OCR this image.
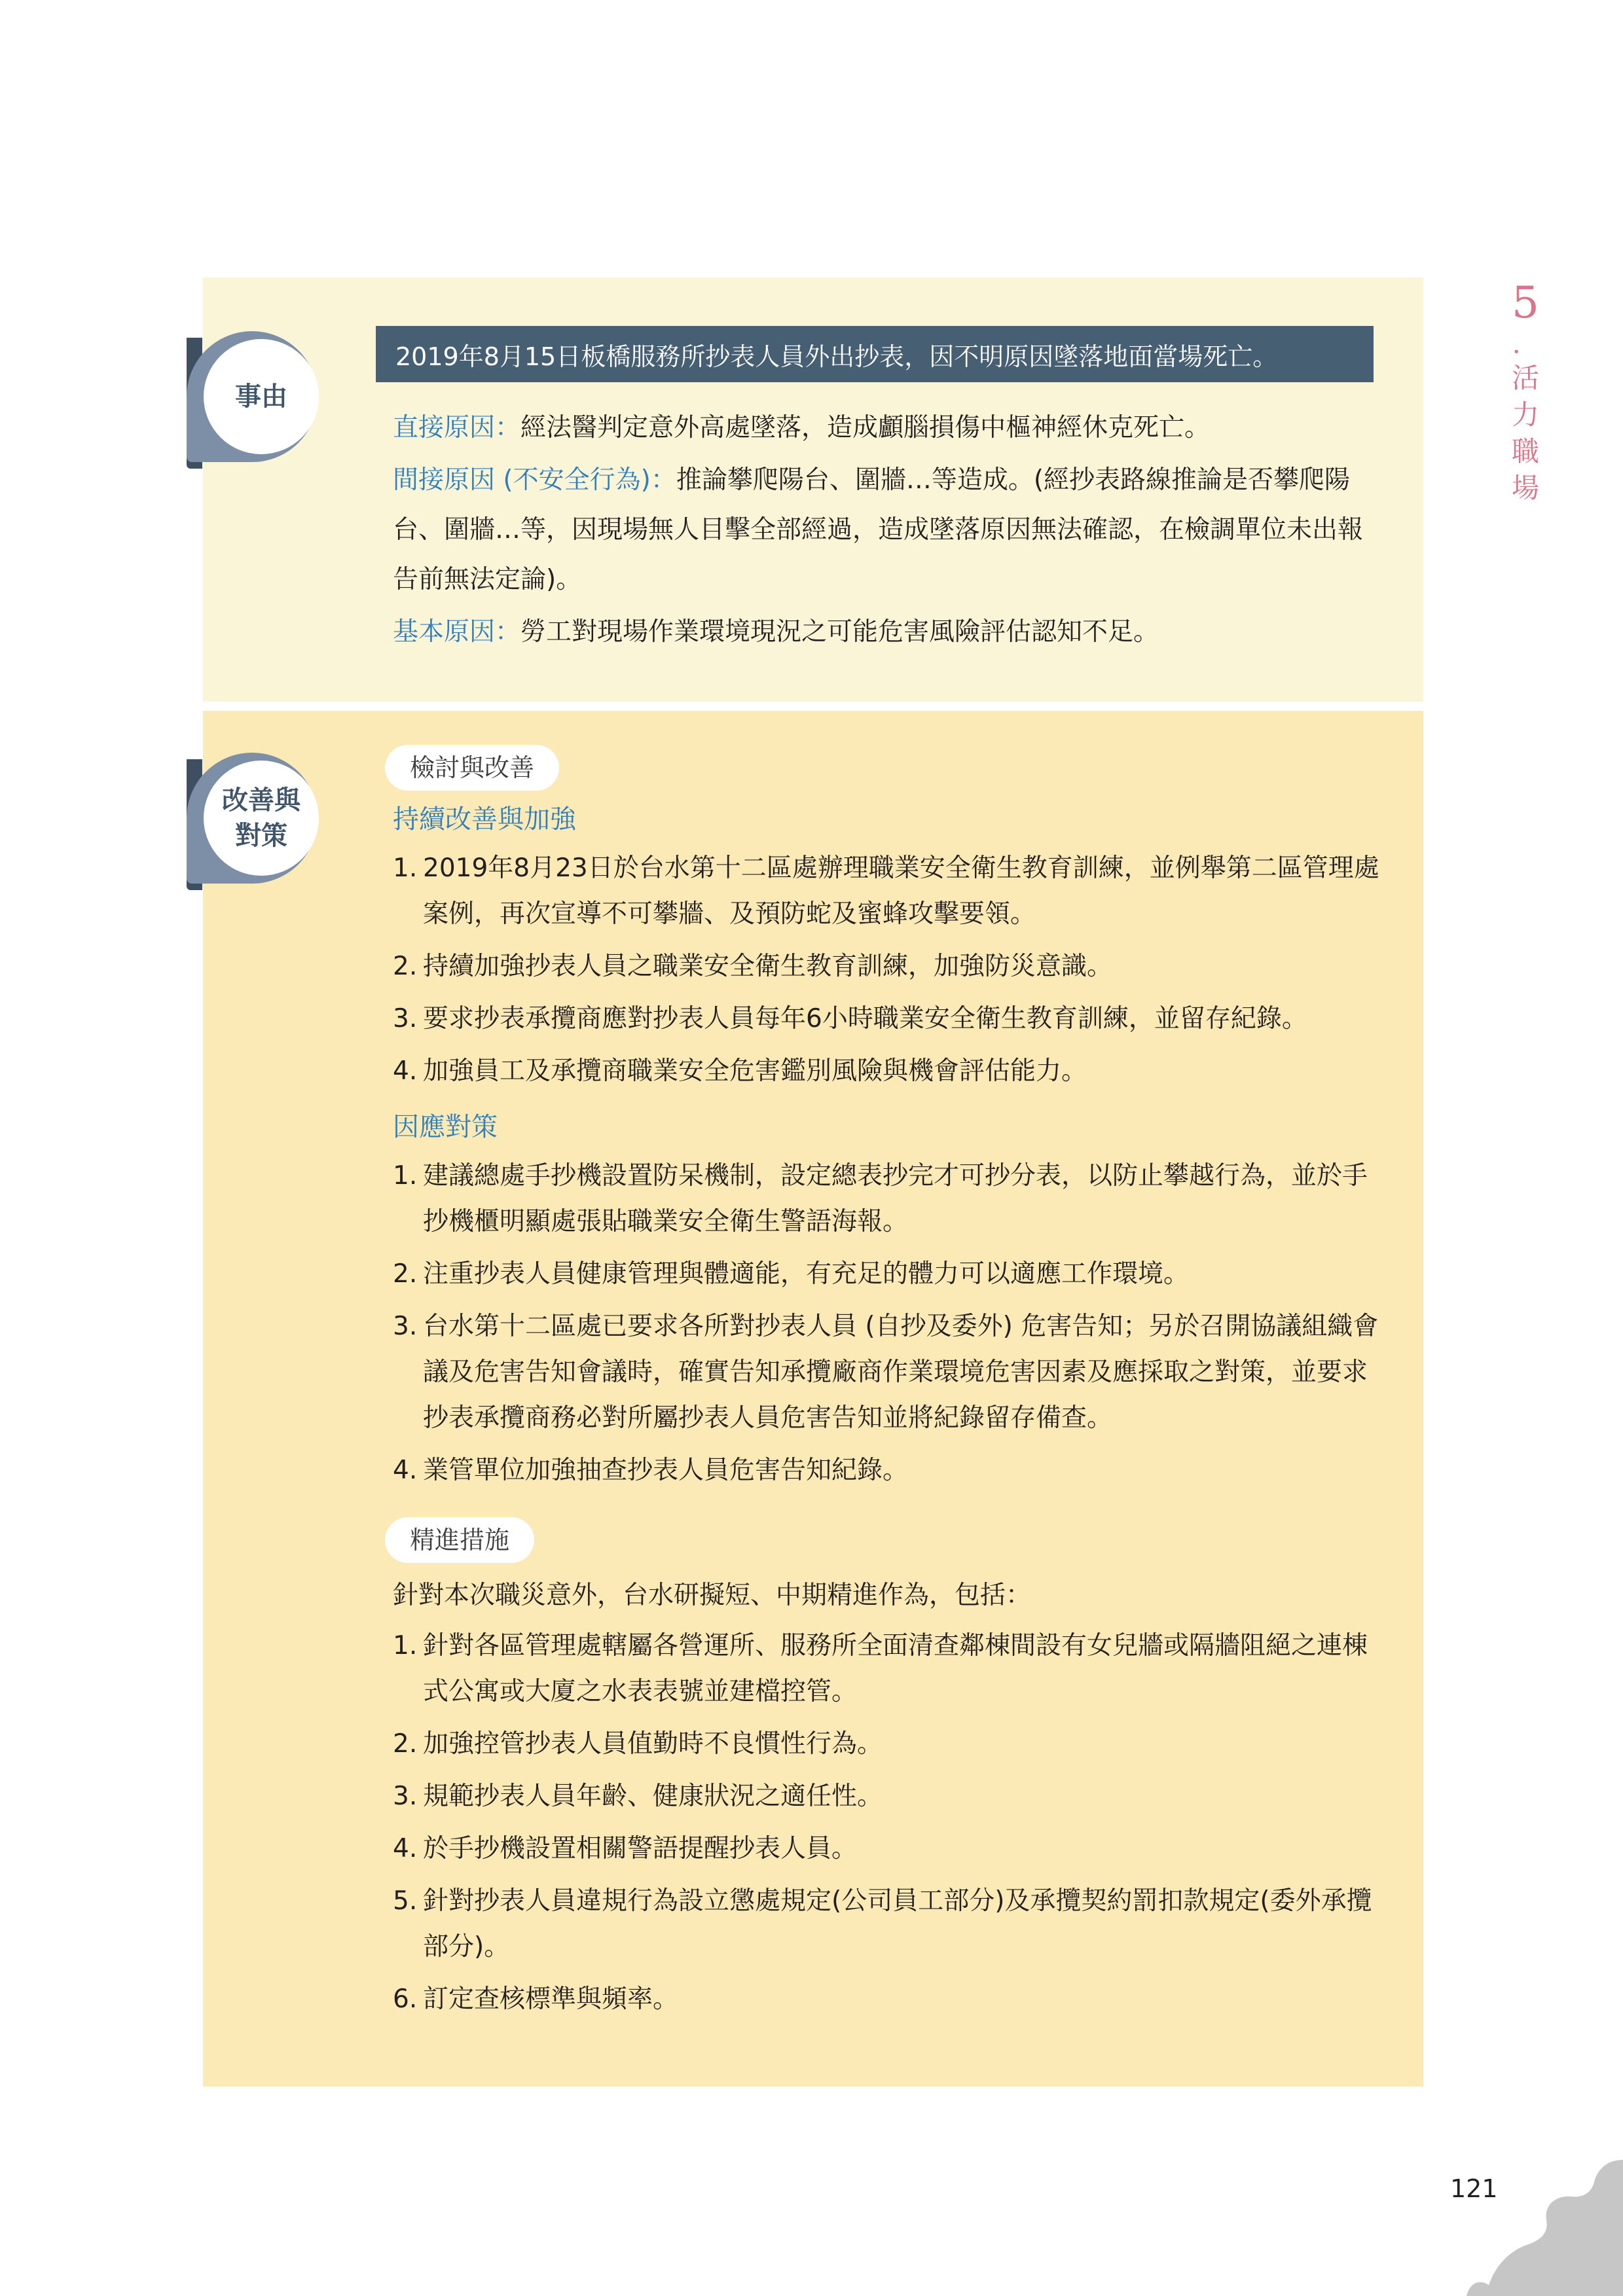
5
．
活
力
職
場
事由
改善與
對策
2019年8月15日板橋服務所抄表人員外出抄表，因不明原因墜落地面當場死亡。
直接原因：經法醫判定意外高處墜落，造成顱腦損傷中樞神經休克死亡。
間接原因 (不安全行為)：推論攀爬陽台、圍牆…等造成。(經抄表路線推論是否攀爬陽台、圍牆…等，因現場無人目擊全部經過，造成墜落原因無法確認，在檢調單位未出報告前無法定論)。
基本原因：勞工對現場作業環境現況之可能危害風險評估認知不足。
檢討與改善
持續改善與加強
1. 2019年8月23日於台水第十二區處辦理職業安全衛生教育訓練，並例舉第二區管理處案例，再次宣導不可攀牆、及預防蛇及蜜蜂攻擊要領。
2. 持續加強抄表人員之職業安全衛生教育訓練，加強防災意識。
3. 要求抄表承攬商應對抄表人員每年6小時職業安全衛生教育訓練，並留存紀錄。
4. 加強員工及承攬商職業安全危害鑑別風險與機會評估能力。
因應對策
1. 建議總處手抄機設置防呆機制，設定總表抄完才可抄分表，以防止攀越行為，並於手抄機櫃明顯處張貼職業安全衛生警語海報。
2. 注重抄表人員健康管理與體適能，有充足的體力可以適應工作環境。
3. 台水第十二區處已要求各所對抄表人員 (自抄及委外) 危害告知；另於召開協議組織會議及危害告知會議時，確實告知承攬廠商作業環境危害因素及應採取之對策，並要求抄表承攬商務必對所屬抄表人員危害告知並將紀錄留存備查。
4. 業管單位加強抽查抄表人員危害告知紀錄。
精進措施
針對本次職災意外，台水研擬短、中期精進作為，包括：
1. 針對各區管理處轄屬各營運所、服務所全面清查鄰棟間設有女兒牆或隔牆阻絕之連棟式公寓或大廈之水表表號並建檔控管。
2. 加強控管抄表人員值勤時不良慣性行為。
3. 規範抄表人員年齡、健康狀況之適任性。
4. 於手抄機設置相關警語提醒抄表人員。
5. 針對抄表人員違規行為設立懲處規定(公司員工部分)及承攬契約罰扣款規定(委外承攬部分)。
6. 訂定查核標準與頻率。
121
